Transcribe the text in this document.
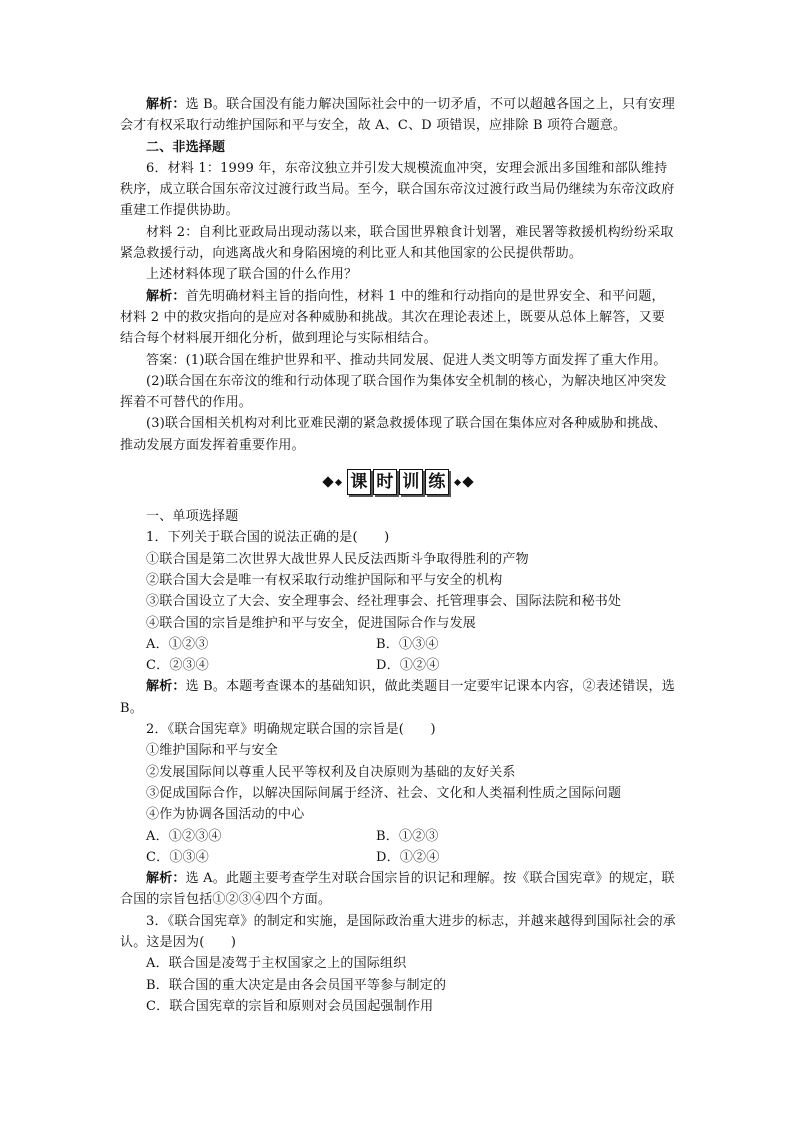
解析：选 B。联合国没有能力解决国际社会中的一切矛盾，不可以超越各国之上，只有安理会才有权采取行动维护国际和平与安全，故 A、C、D 项错误，应排除 B 项符合题意。

二、非选择题

6．材料 1：1999 年，东帝汶独立并引发大规模流血冲突，安理会派出多国维和部队维持秩序，成立联合国东帝汶过渡行政当局。至今，联合国东帝汶过渡行政当局仍继续为东帝汶政府重建工作提供协助。

材料 2：自利比亚政局出现动荡以来，联合国世界粮食计划署，难民署等救援机构纷纷采取紧急救援行动，向逃离战火和身陷困境的利比亚人和其他国家的公民提供帮助。

上述材料体现了联合国的什么作用？

解析：首先明确材料主旨的指向性，材料 1 中的维和行动指向的是世界安全、和平问题，材料 2 中的救灾指向的是应对各种威胁和挑战。其次在理论表述上，既要从总体上解答，又要结合每个材料展开细化分析，做到理论与实际相结合。

答案：(1)联合国在维护世界和平、推动共同发展、促进人类文明等方面发挥了重大作用。

(2)联合国在东帝汶的维和行动体现了联合国作为集体安全机制的核心，为解决地区冲突发挥着不可替代的作用。

(3)联合国相关机构对利比亚难民潮的紧急救援体现了联合国在集体应对各种威胁和挑战、推动发展方面发挥着重要作用。

课 时 训 练

一、单项选择题

1．下列关于联合国的说法正确的是(　　)

①联合国是第二次世界大战世界人民反法西斯斗争取得胜利的产物

②联合国大会是唯一有权采取行动维护国际和平与安全的机构

③联合国设立了大会、安全理事会、经社理事会、托管理事会、国际法院和秘书处

④联合国的宗旨是维护和平与安全，促进国际合作与发展

A．①②③	B．①③④
C．②③④	D．①②④

解析：选 B。本题考查课本的基础知识，做此类题目一定要牢记课本内容，②表述错误，选 B。

2．《联合国宪章》明确规定联合国的宗旨是(　　)

①维护国际和平与安全

②发展国际间以尊重人民平等权利及自决原则为基础的友好关系

③促成国际合作，以解决国际间属于经济、社会、文化和人类福利性质之国际问题

④作为协调各国活动的中心

A．①②③④	B．①②③
C．①③④	D．①②④

解析：选 A。此题主要考查学生对联合国宗旨的识记和理解。按《联合国宪章》的规定，联合国的宗旨包括①②③④四个方面。

3．《联合国宪章》的制定和实施，是国际政治重大进步的标志，并越来越得到国际社会的承认。这是因为(　　)

A．联合国是凌驾于主权国家之上的国际组织

B．联合国的重大决定是由各会员国平等参与制定的

C．联合国宪章的宗旨和原则对会员国起强制作用
